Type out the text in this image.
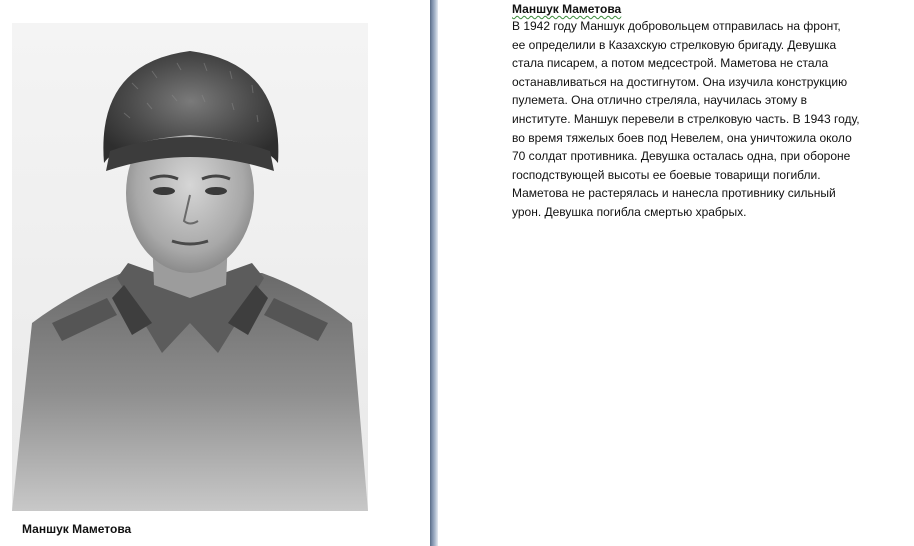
Маншук Маметова
Маншук Маметова
В 1942 году Маншук добровольцем отправилась на фронт,
ее определили в Казахскую стрелковую бригаду. Девушка
стала писарем, а потом медсестрой. Маметова не стала
останавливаться на достигнутом. Она изучила конструкцию
пулемета. Она отлично стреляла, научилась этому в
институте. Маншук перевели в стрелковую часть. В 1943 году,
во время тяжелых боев под Невелем, она уничтожила около
70 солдат противника. Девушка осталась одна, при обороне
господствующей высоты ее боевые товарищи погибли.
Маметова не растерялась и нанесла противнику сильный
урон. Девушка погибла смертью храбрых.
